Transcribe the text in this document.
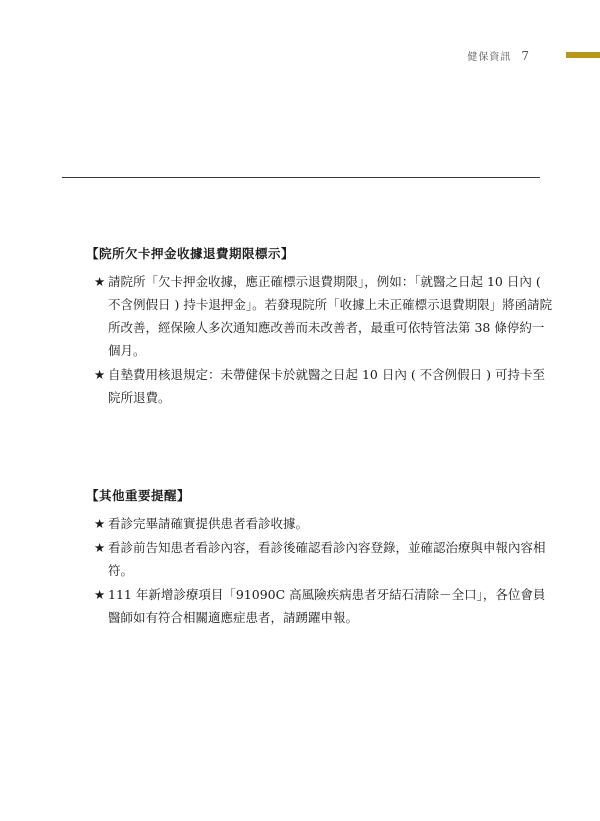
健保資訊 7
【院所欠卡押金收據退費期限標示】
★ 請院所「欠卡押金收據，應正確標示退費期限」，例如：「就醫之日起 10 日內 ( 不含例假日 ) 持卡退押金」。若發現院所「收據上未正確標示退費期限」將函請院所改善，經保險人多次通知應改善而未改善者，最重可依特管法第 38 條停約一個月。
★ 自墊費用核退規定：未帶健保卡於就醫之日起 10 日內 ( 不含例假日 ) 可持卡至院所退費。
【其他重要提醒】
★ 看診完畢請確實提供患者看診收據。
★ 看診前告知患者看診內容，看診後確認看診內容登錄，並確認治療與申報內容相符。
★ 111 年新增診療項目「91090C 高風險疾病患者牙結石清除－全口」，各位會員醫師如有符合相關適應症患者，請踴躍申報。
